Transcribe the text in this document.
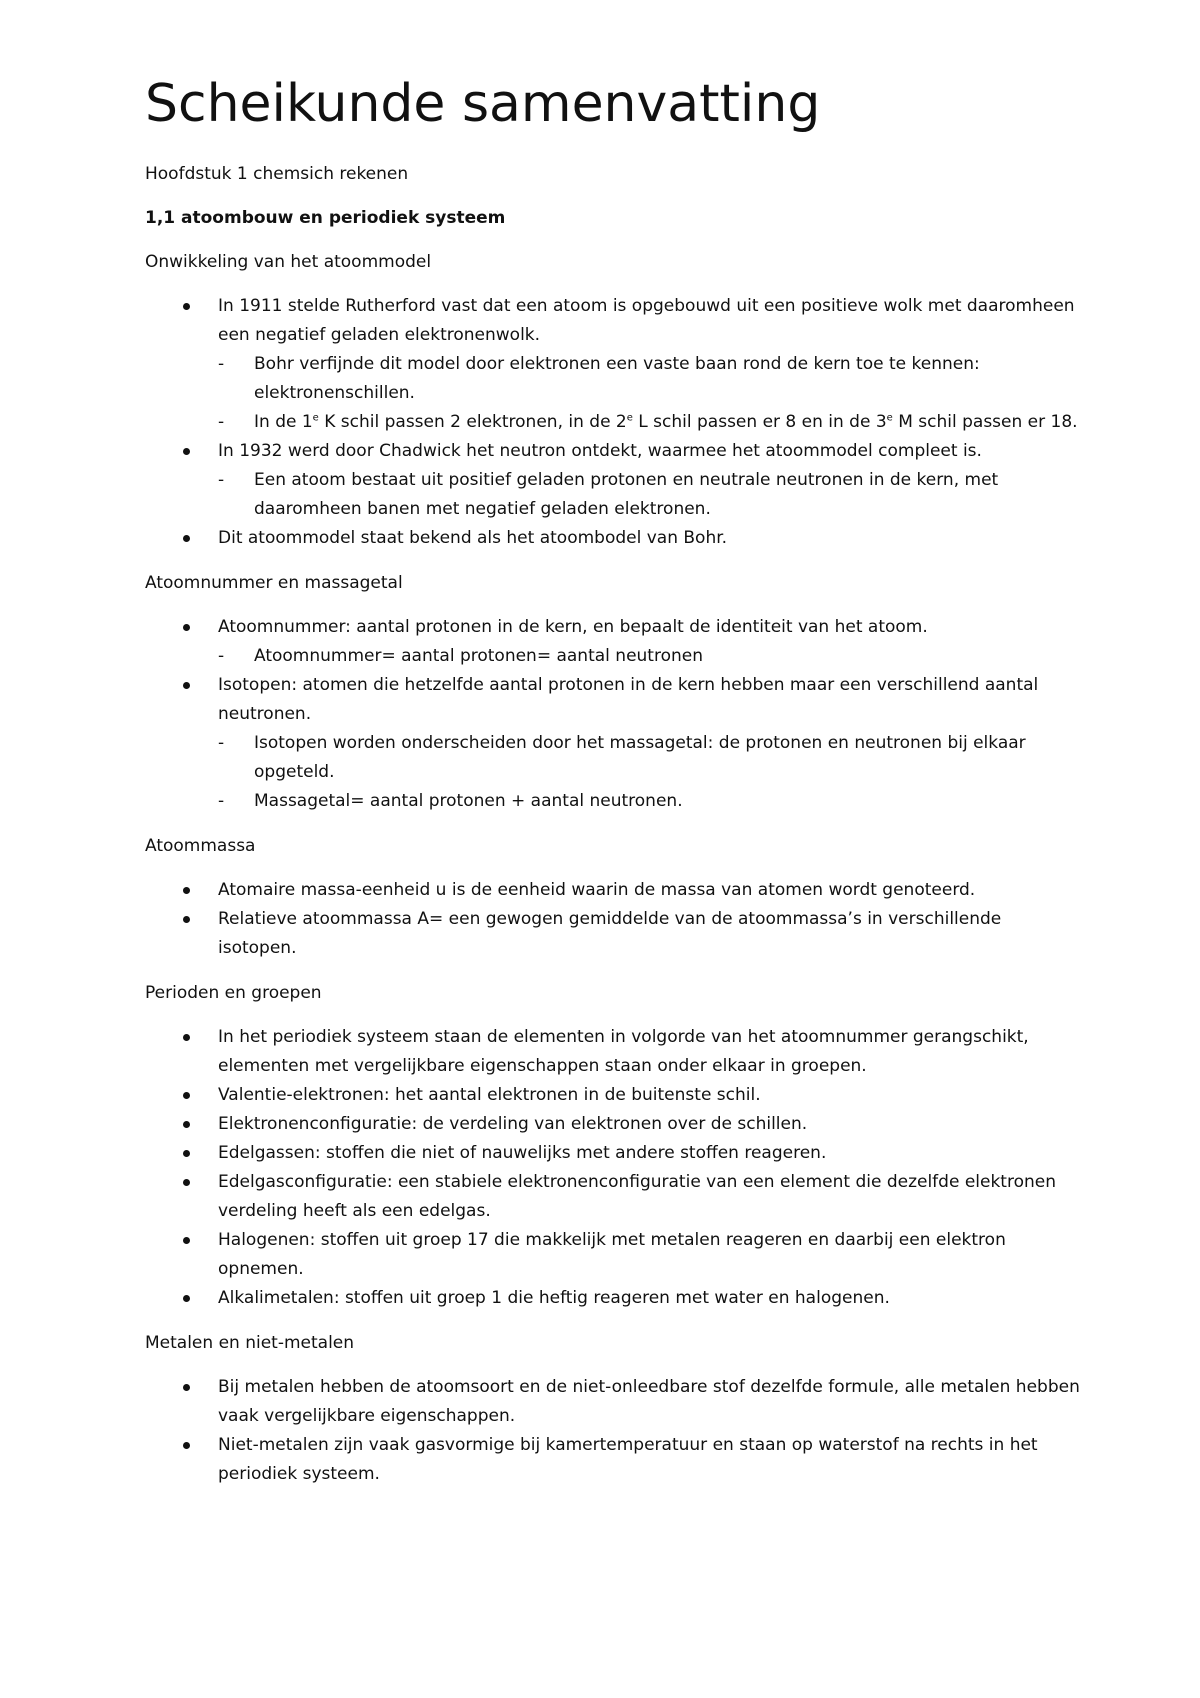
Scheikunde samenvatting

Hoofdstuk 1 chemsich rekenen

1,1 atoombouw en periodiek systeem

Onwikkeling van het atoommodel

In 1911 stelde Rutherford vast dat een atoom is opgebouwd uit een positieve wolk met daaromheen een negatief geladen elektronenwolk.
- Bohr verfijnde dit model door elektronen een vaste baan rond de kern toe te kennen: elektronenschillen.
- In de 1e K schil passen 2 elektronen, in de 2e L schil passen er 8 en in de 3e M schil passen er 18.
In 1932 werd door Chadwick het neutron ontdekt, waarmee het atoommodel compleet is.
- Een atoom bestaat uit positief geladen protonen en neutrale neutronen in de kern, met daaromheen banen met negatief geladen elektronen.
Dit atoommodel staat bekend als het atoombodel van Bohr.

Atoomnummer en massagetal

Atoomnummer: aantal protonen in de kern, en bepaalt de identiteit van het atoom.
- Atoomnummer= aantal protonen= aantal neutronen
Isotopen: atomen die hetzelfde aantal protonen in de kern hebben maar een verschillend aantal neutronen.
- Isotopen worden onderscheiden door het massagetal: de protonen en neutronen bij elkaar opgeteld.
- Massagetal= aantal protonen + aantal neutronen.

Atoommassa

Atomaire massa-eenheid u is de eenheid waarin de massa van atomen wordt genoteerd.
Relatieve atoommassa A= een gewogen gemiddelde van de atoommassa’s in verschillende isotopen.

Perioden en groepen

In het periodiek systeem staan de elementen in volgorde van het atoomnummer gerangschikt, elementen met vergelijkbare eigenschappen staan onder elkaar in groepen.
Valentie-elektronen: het aantal elektronen in de buitenste schil.
Elektronenconfiguratie: de verdeling van elektronen over de schillen.
Edelgassen: stoffen die niet of nauwelijks met andere stoffen reageren.
Edelgasconfiguratie: een stabiele elektronenconfiguratie van een element die dezelfde elektronen verdeling heeft als een edelgas.
Halogenen: stoffen uit groep 17 die makkelijk met metalen reageren en daarbij een elektron opnemen.
Alkalimetalen: stoffen uit groep 1 die heftig reageren met water en halogenen.

Metalen en niet-metalen

Bij metalen hebben de atoomsoort en de niet-onleedbare stof dezelfde formule, alle metalen hebben vaak vergelijkbare eigenschappen.
Niet-metalen zijn vaak gasvormige bij kamertemperatuur en staan op waterstof na rechts in het periodiek systeem.
